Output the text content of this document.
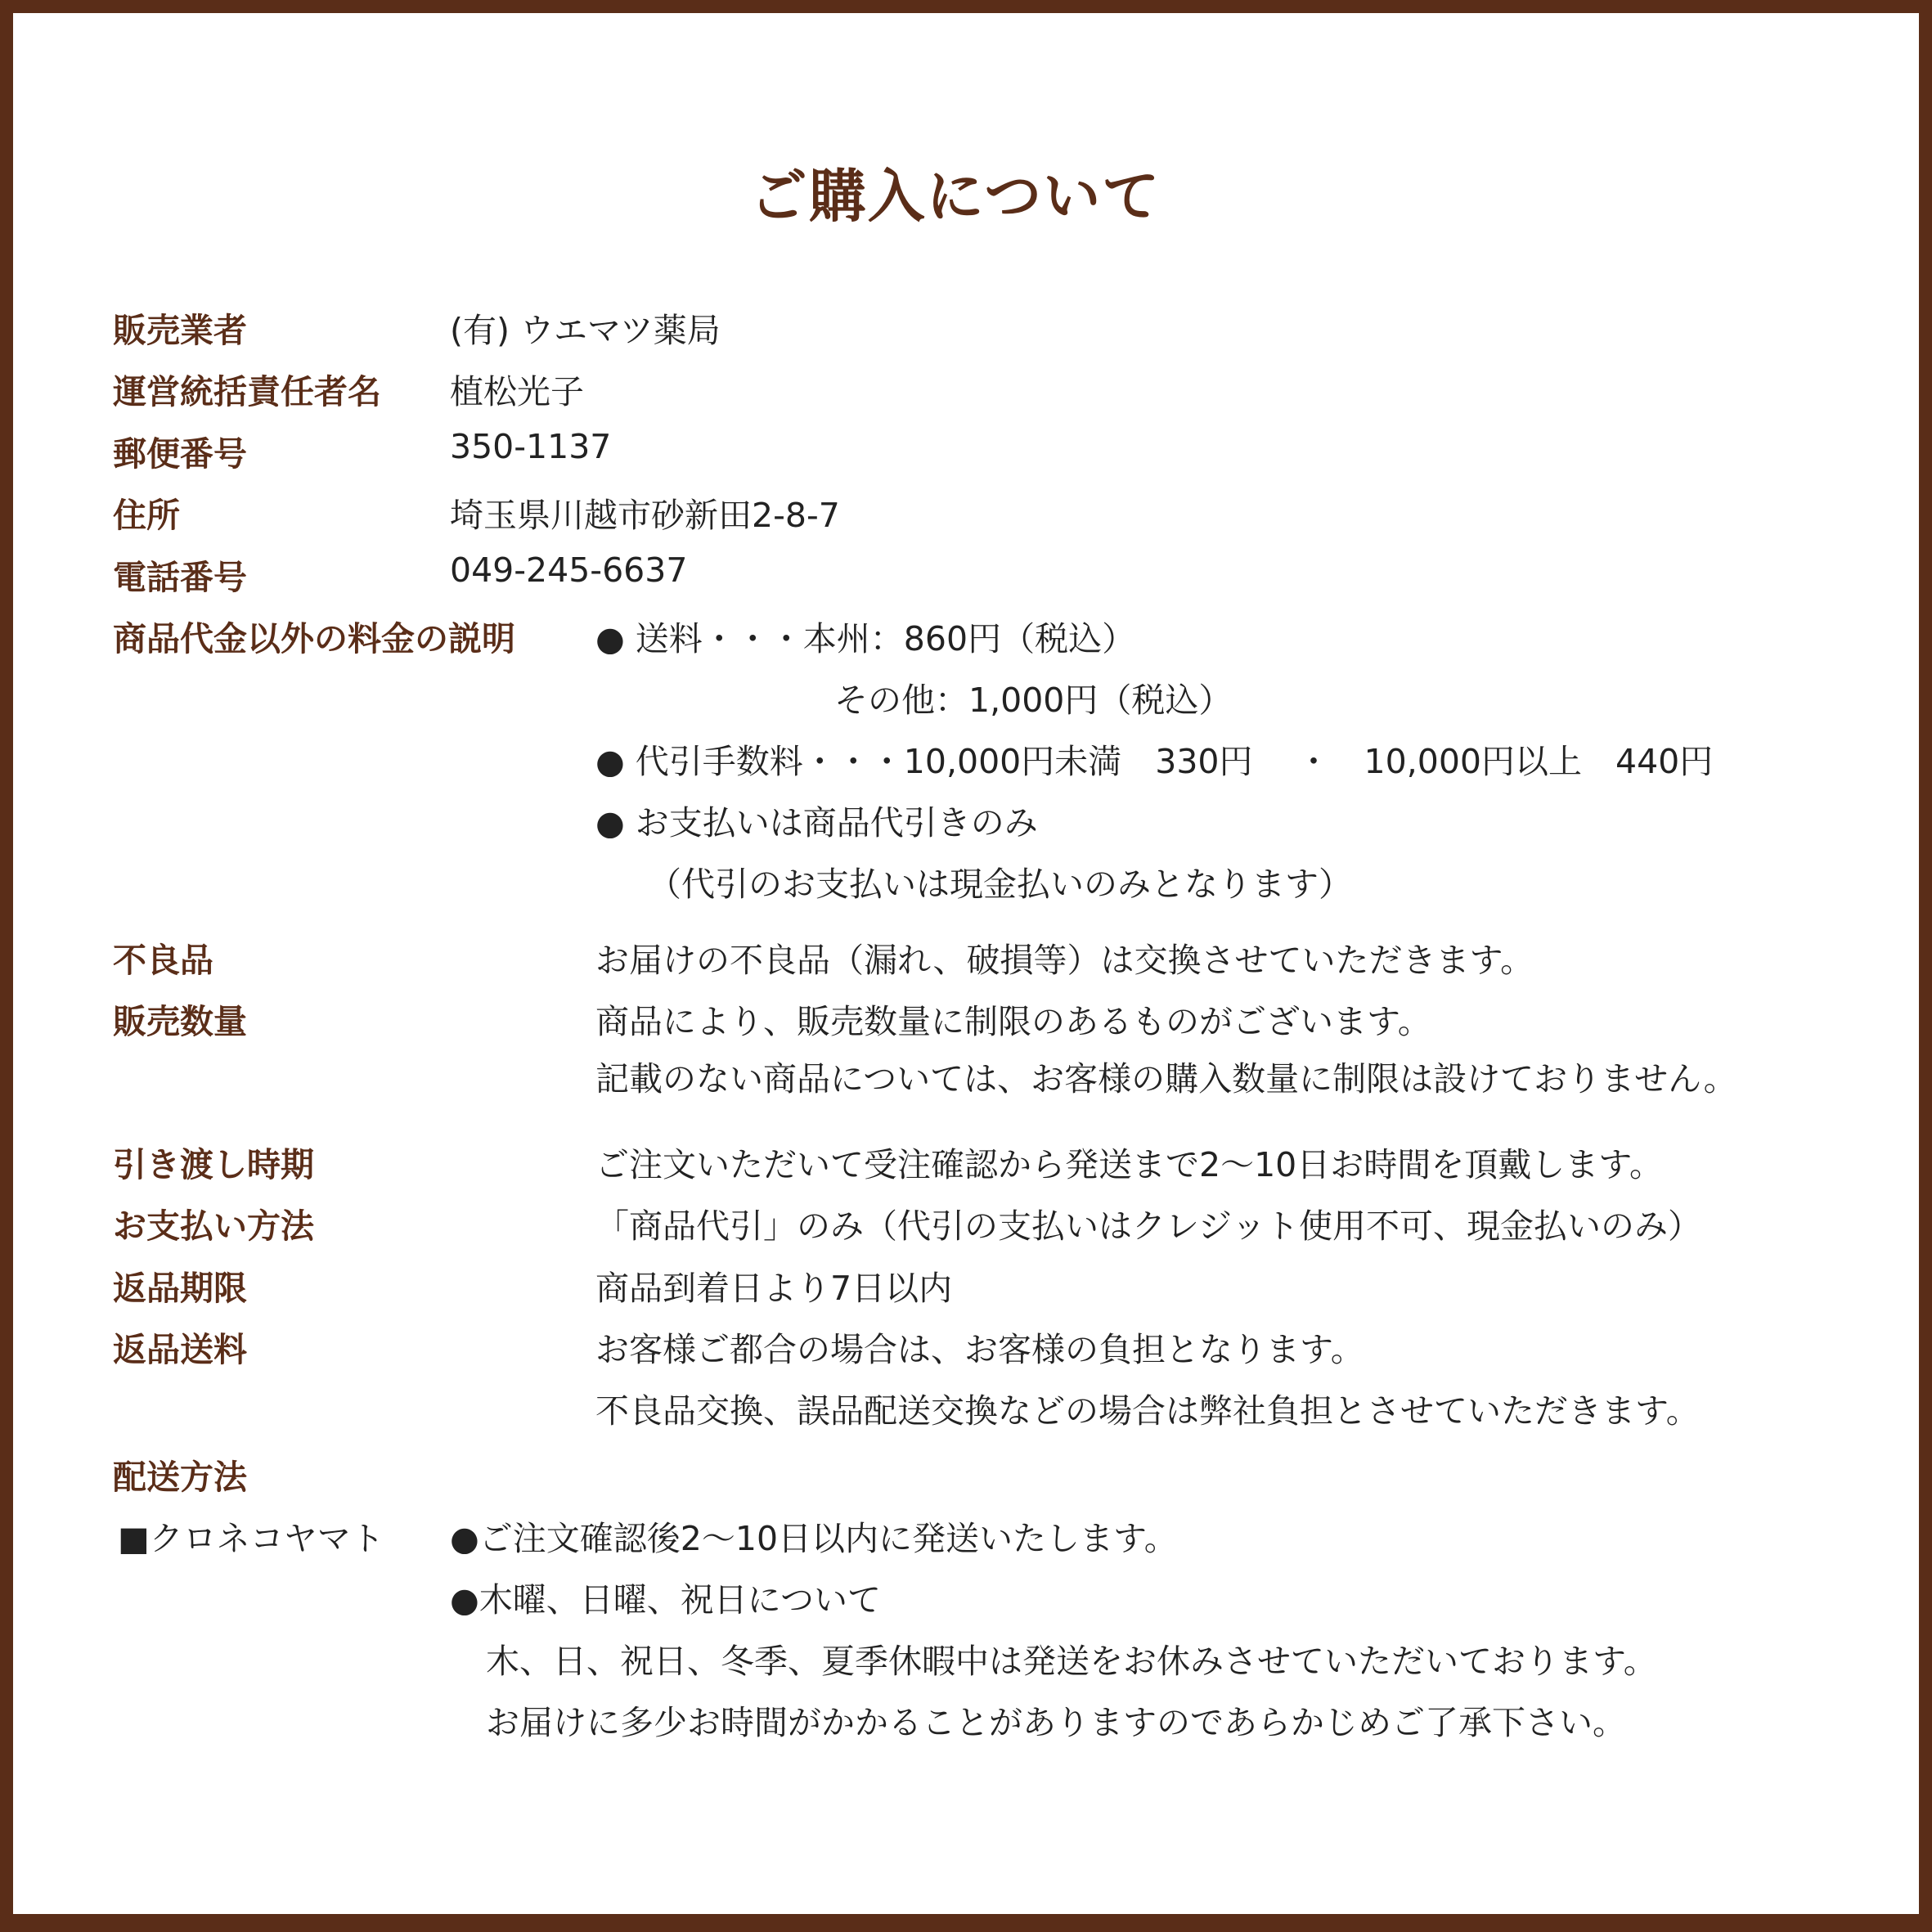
ご購入について
販売業者	(有) ウエマツ薬局
運営統括責任者名 植松光子
郵便番号	350-1137
住所	埼玉県川越市砂新田2-8-7
電話番号	049-245-6637
商品代金以外の料金の説明 ● 送料・・・本州：860円（税込）
その他：1,000円（税込）
● 代引手数料・・・10,000円未満　330円　 ・　10,000円以上　440円
● お支払いは商品代引きのみ
（代引のお支払いは現金払いのみとなります）
不良品	お届けの不良品（漏れ、破損等）は交換させていただきます。
販売数量	商品により、販売数量に制限のあるものがございます。
記載のない商品については、お客様の購入数量に制限は設けておりません。
引き渡し時期	ご注文いただいて受注確認から発送まで2〜10日お時間を頂戴します。
お支払い方法	「商品代引」のみ（代引の支払いはクレジット使用不可、現金払いのみ）
返品期限	商品到着日より7日以内
返品送料	お客様ご都合の場合は、お客様の負担となります。
不良品交換、誤品配送交換などの場合は弊社負担とさせていただきます。
配送方法
■クロネコヤマト ●ご注文確認後2〜10日以内に発送いたします。
●木曜、日曜、祝日について
木、日、祝日、冬季、夏季休暇中は発送をお休みさせていただいております。
お届けに多少お時間がかかることがありますのであらかじめご了承下さい。
